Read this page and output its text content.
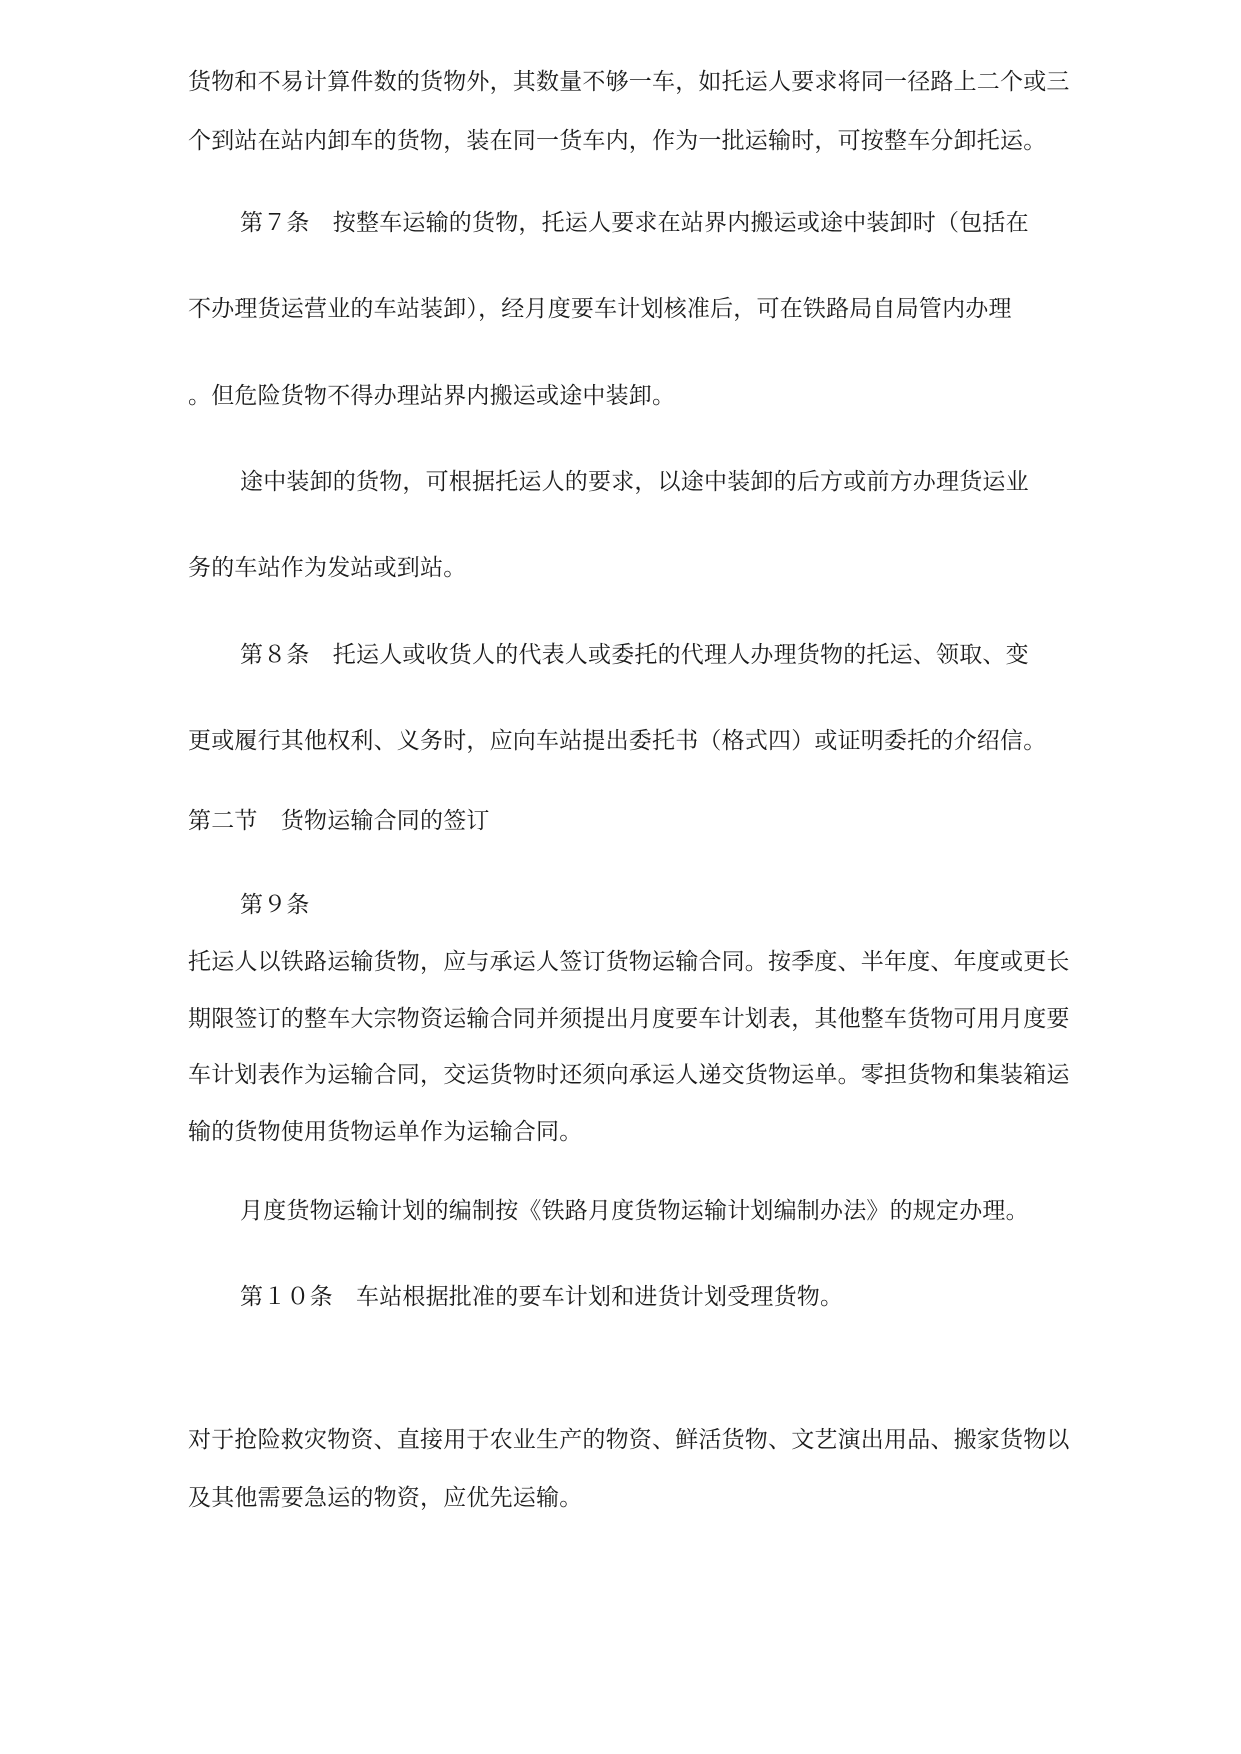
货物和不易计算件数的货物外，其数量不够一车，如托运人要求将同一径路上二个或三
个到站在站内卸车的货物，装在同一货车内，作为一批运输时，可按整车分卸托运。
第７条　按整车运输的货物，托运人要求在站界内搬运或途中装卸时（包括在
不办理货运营业的车站装卸），经月度要车计划核准后，可在铁路局自局管内办理
。但危险货物不得办理站界内搬运或途中装卸。
途中装卸的货物，可根据托运人的要求，以途中装卸的后方或前方办理货运业
务的车站作为发站或到站。
第８条　托运人或收货人的代表人或委托的代理人办理货物的托运、领取、变
更或履行其他权利、义务时，应向车站提出委托书（格式四）或证明委托的介绍信。
第二节　货物运输合同的签订
第９条
托运人以铁路运输货物，应与承运人签订货物运输合同。按季度、半年度、年度或更长
期限签订的整车大宗物资运输合同并须提出月度要车计划表，其他整车货物可用月度要
车计划表作为运输合同，交运货物时还须向承运人递交货物运单。零担货物和集装箱运
输的货物使用货物运单作为运输合同。
月度货物运输计划的编制按《铁路月度货物运输计划编制办法》的规定办理。
第１０条　车站根据批准的要车计划和进货计划受理货物。
对于抢险救灾物资、直接用于农业生产的物资、鲜活货物、文艺演出用品、搬家货物以
及其他需要急运的物资，应优先运输。
